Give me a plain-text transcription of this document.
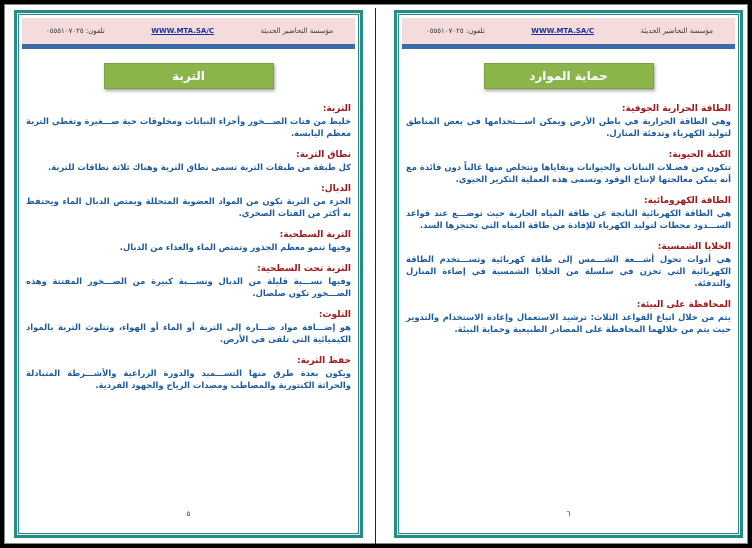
مؤسسة التحاضير الحديثة
WWW.MTA.SA/C
تلفون: ٠٥٥٥١٠٧٠٢٥
التربة
التربة:

خليط من فتات الصـــخور وأجزاء النباتات ومخلوقات حية صـــغيرة وتغطي التربة معظم اليابسة.

نطاق التربة:

كل طبقة من طبقات التربة تسمى نطاق التربة وهناك ثلاثة نطاقات للتربة.

الدبال:

الجزء من التربة تكون من المواد العضوية المتحللة ويمتص الدبال الماء ويحتفظ به أكثر من الفتات الصخري.

التربة السطحية:

وفيها تنمو معظم الجذور وتمتص الماء والغذاء من الدبال.

التربة تحت السطحية:

وفيها نســـبة قليلة من الدبال ونســـبة كبيرة من الصـــخور المفتتة وهذه الصـــخور تكون صلصال.

التلوث:

هو إضـــافة مواد ضـــارة إلى التربة أو الماء أو الهواء، وتتلوث التربة بالمواد الكيميائية التي تلقى في الأرض.

حفظ التربة:

ويكون بعدة طرق منها التســـميد والدورة الزراعية والأشـــرطة المتبادلة والحراثة الكنتورية والمصاطب ومصدات الرياح والجهود الفردية.

٥
مؤسسة التحاضير الحديثة
WWW.MTA.SA/C
تلفون: ٠٥٥٥١٠٧٠٢٥
حماية الموارد
الطاقة الحرارية الجوفية:

وهي الطاقة الحرارية في باطن الأرض ويمكن اســـتخدامها في بعض المناطق لتوليد الكهرباء وتدفئة المنازل.

الكتلة الحيوية:

تتكون من فضـلات النباتات والحيوانات وبقاياها ونتخلص منها غالباً دون فائدة مع أنه يمكن معالجتها لإنتاج الوقود وتسمى هذه العملية التكرير الحيوي.

الطاقة الكهرومائية:

هي الطاقة الكهربائية الناتجة عن طاقة المياه الجارية حيث توضـــع عند قواعد الســـدود محطات لتوليد الكهرباء للإفادة من طاقة المياه التي تحتجزها السد.

الخلايا الشمسية:

هي أدوات تحول أشـــعة الشـــمس إلى طاقة كهربائية وتســـتخدم الطاقة الكهربائية التي تخزن في سلسلة من الخلايا الشمسية في إضاءة المنازل والتدفئة.

المحافظة على البيئة:

يتم من خلال اتباع القواعد الثلاث: ترشيد الاستعمال وإعادة الاستخدام والتدوير حيث يتم من خلالهما المحافظة على المصادر الطبيعية وحماية البيئة.

٦
